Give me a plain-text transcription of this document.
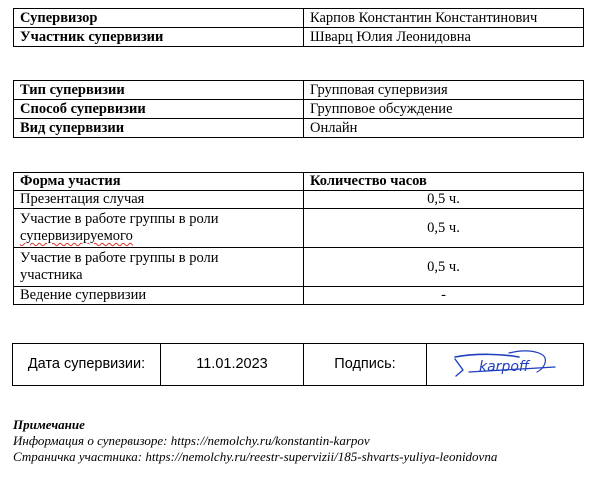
Супервизор	Карпов Константин Константинович
Участник супервизии	Шварц Юлия Леонидовна
Тип супервизии	Групповая супервизия
Способ супервизии	Групповое обсуждение
Вид супервизии	Онлайн
Форма участия	Количество часов
Презентация случая	0,5 ч.
Участие в работе группы в роли
супервизируемого	0,5 ч.
Участие в работе группы в роли
участника	0,5 ч.
Ведение супервизии	-
Дата супервизии:	11.01.2023	Подпись:	karpoff
Примечание
Информация о супервизоре: https://nemolchy.ru/konstantin-karpov
Страничка участника: https://nemolchy.ru/reestr-supervizii/185-shvarts-yuliya-leonidovna
